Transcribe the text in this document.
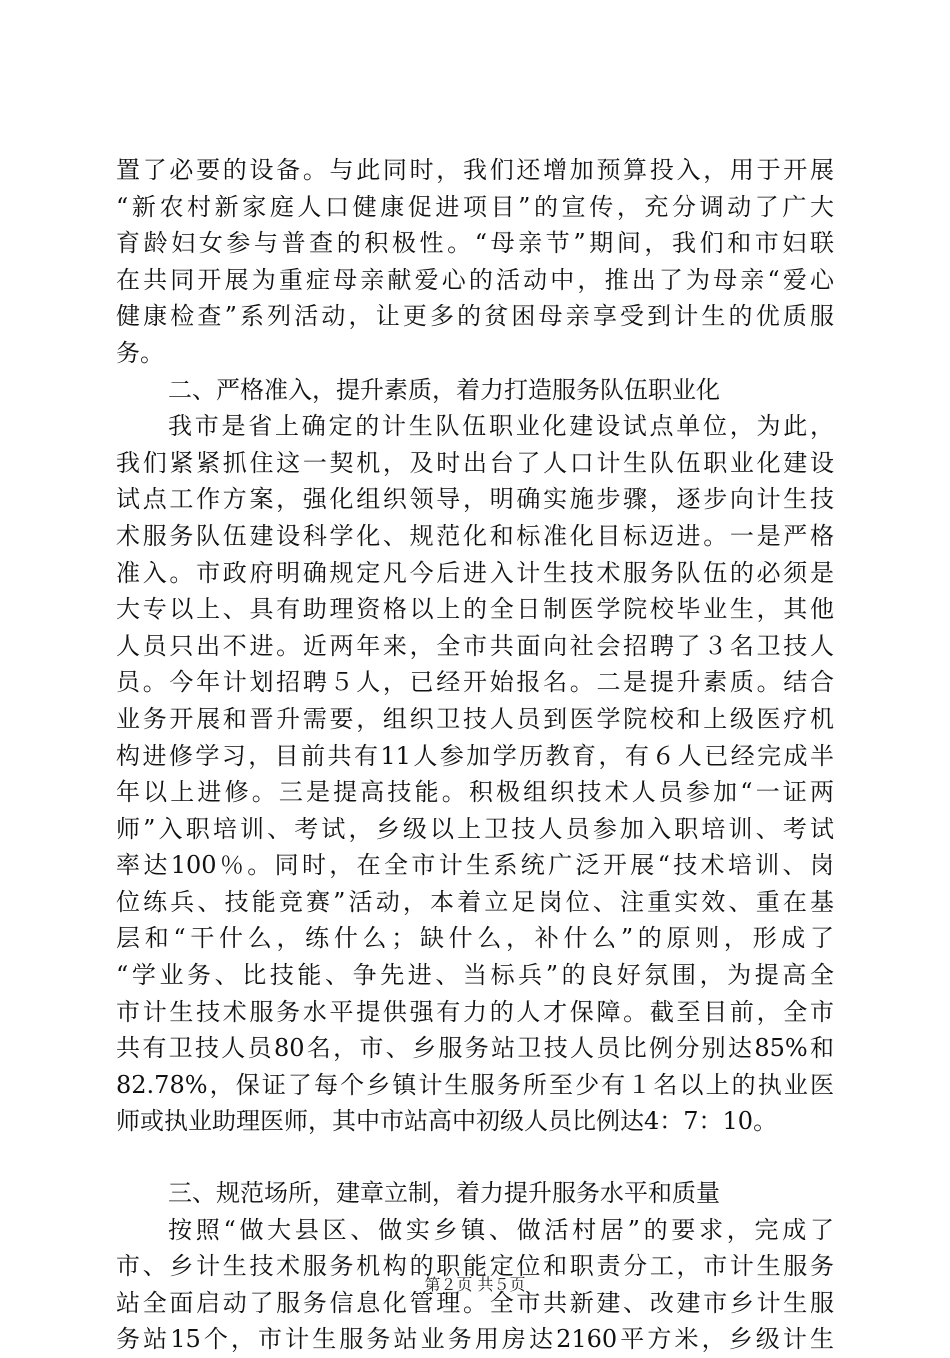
置了必要的设备。与此同时，我们还增加预算投入，用于开展
“新农村新家庭人口健康促进项目”的宣传，充分调动了广大
育龄妇女参与普查的积极性。“母亲节”期间，我们和市妇联
在共同开展为重症母亲献爱心的活动中，推出了为母亲“爱心
健康检查”系列活动，让更多的贫困母亲享受到计生的优质服
务。
二、严格准入，提升素质，着力打造服务队伍职业化
我市是省上确定的计生队伍职业化建设试点单位，为此，
我们紧紧抓住这一契机，及时出台了人口计生队伍职业化建设
试点工作方案，强化组织领导，明确实施步骤，逐步向计生技
术服务队伍建设科学化、规范化和标准化目标迈进。一是严格
准入。市政府明确规定凡今后进入计生技术服务队伍的必须是
大专以上、具有助理资格以上的全日制医学院校毕业生，其他
人员只出不进。近两年来，全市共面向社会招聘了３名卫技人
员。今年计划招聘５人，已经开始报名。二是提升素质。结合
业务开展和晋升需要，组织卫技人员到医学院校和上级医疗机
构进修学习，目前共有11人参加学历教育，有６人已经完成半
年以上进修。三是提高技能。积极组织技术人员参加“一证两
师”入职培训、考试，乡级以上卫技人员参加入职培训、考试
率达100％。同时，在全市计生系统广泛开展“技术培训、岗
位练兵、技能竞赛”活动，本着立足岗位、注重实效、重在基
层和“干什么，练什么；缺什么，补什么”的原则，形成了
“学业务、比技能、争先进、当标兵”的良好氛围，为提高全
市计生技术服务水平提供强有力的人才保障。截至目前，全市
共有卫技人员80名，市、乡服务站卫技人员比例分别达85%和
82.78%，保证了每个乡镇计生服务所至少有１名以上的执业医
师或执业助理医师，其中市站高中初级人员比例达4：7：10。
三、规范场所，建章立制，着力提升服务水平和质量
按照“做大县区、做实乡镇、做活村居”的要求，完成了
市、乡计生技术服务机构的职能定位和职责分工，市计生服务
站全面启动了服务信息化管理。全市共新建、改建市乡计生服
务站15个，市计生服务站业务用房达2160平方米，乡级计生
第２页 共５页
